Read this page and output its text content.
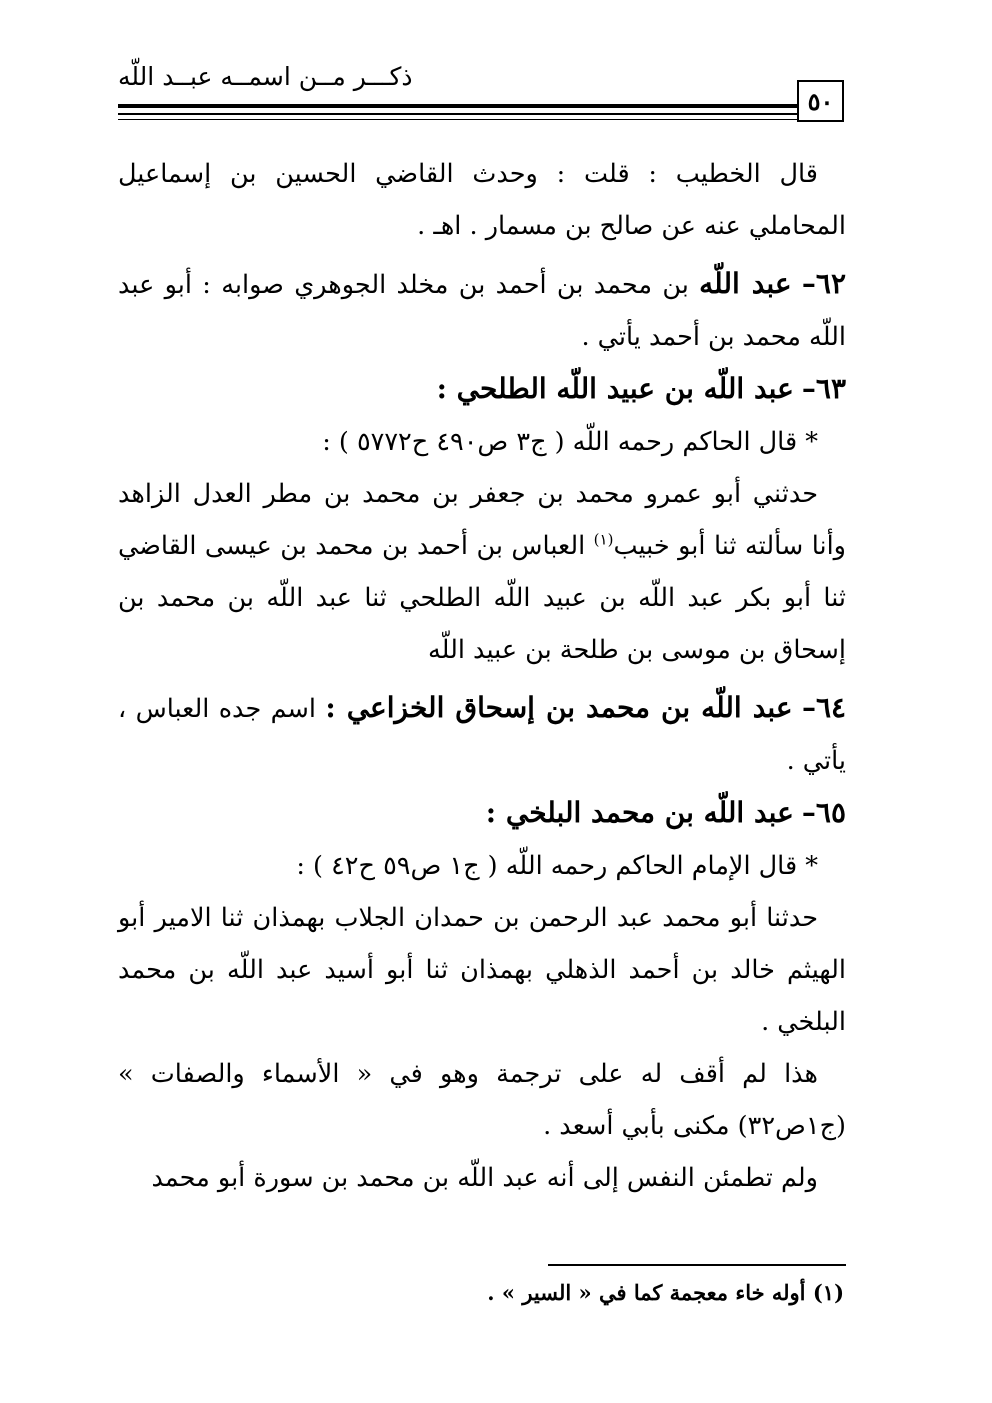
ذكـــر مــن اسمــه عبــد اللّه
٥٠

قال الخطيب : قلت : وحدث القاضي الحسين بن إسماعيل المحاملي عنه عن صالح بن مسمار . اهـ .

٦٢– عبد اللّه بن محمد بن أحمد بن مخلد الجوهري صوابه : أبو عبد اللّه محمد بن أحمد يأتي .

٦٣– عبد اللّه بن عبيد اللّه الطلحي :

* قال الحاكم رحمه اللّه ( ج٣ ص٤٩٠ ح٥٧٧٢ ) :

حدثني أبو عمرو محمد بن جعفر بن محمد بن مطر العدل الزاهد وأنا سألته ثنا أبو خبيب$^{(١)}$ العباس بن أحمد بن محمد بن عيسى القاضي ثنا أبو بكر عبد اللّه بن عبيد اللّه الطلحي ثنا عبد اللّه بن محمد بن إسحاق بن موسى بن طلحة بن عبيد اللّه

٦٤– عبد اللّه بن محمد بن إسحاق الخزاعي : اسم جده العباس ، يأتي .

٦٥– عبد اللّه بن محمد البلخي :

* قال الإمام الحاكم رحمه اللّه ( ج١ ص٥٩ ح٤٢ ) :

حدثنا أبو محمد عبد الرحمن بن حمدان الجلاب بهمذان ثنا الامير أبو الهيثم خالد بن أحمد الذهلي بهمذان ثنا أبو أسيد عبد اللّه بن محمد البلخي .

هذا لم أقف له على ترجمة وهو في « الأسماء والصفات » (ج١ص٣٢) مكنى بأبي أسعد .

ولم تطمئن النفس إلى أنه عبد اللّه بن محمد بن سورة أبو محمد

(١) أوله خاء معجمة كما في « السير » .
